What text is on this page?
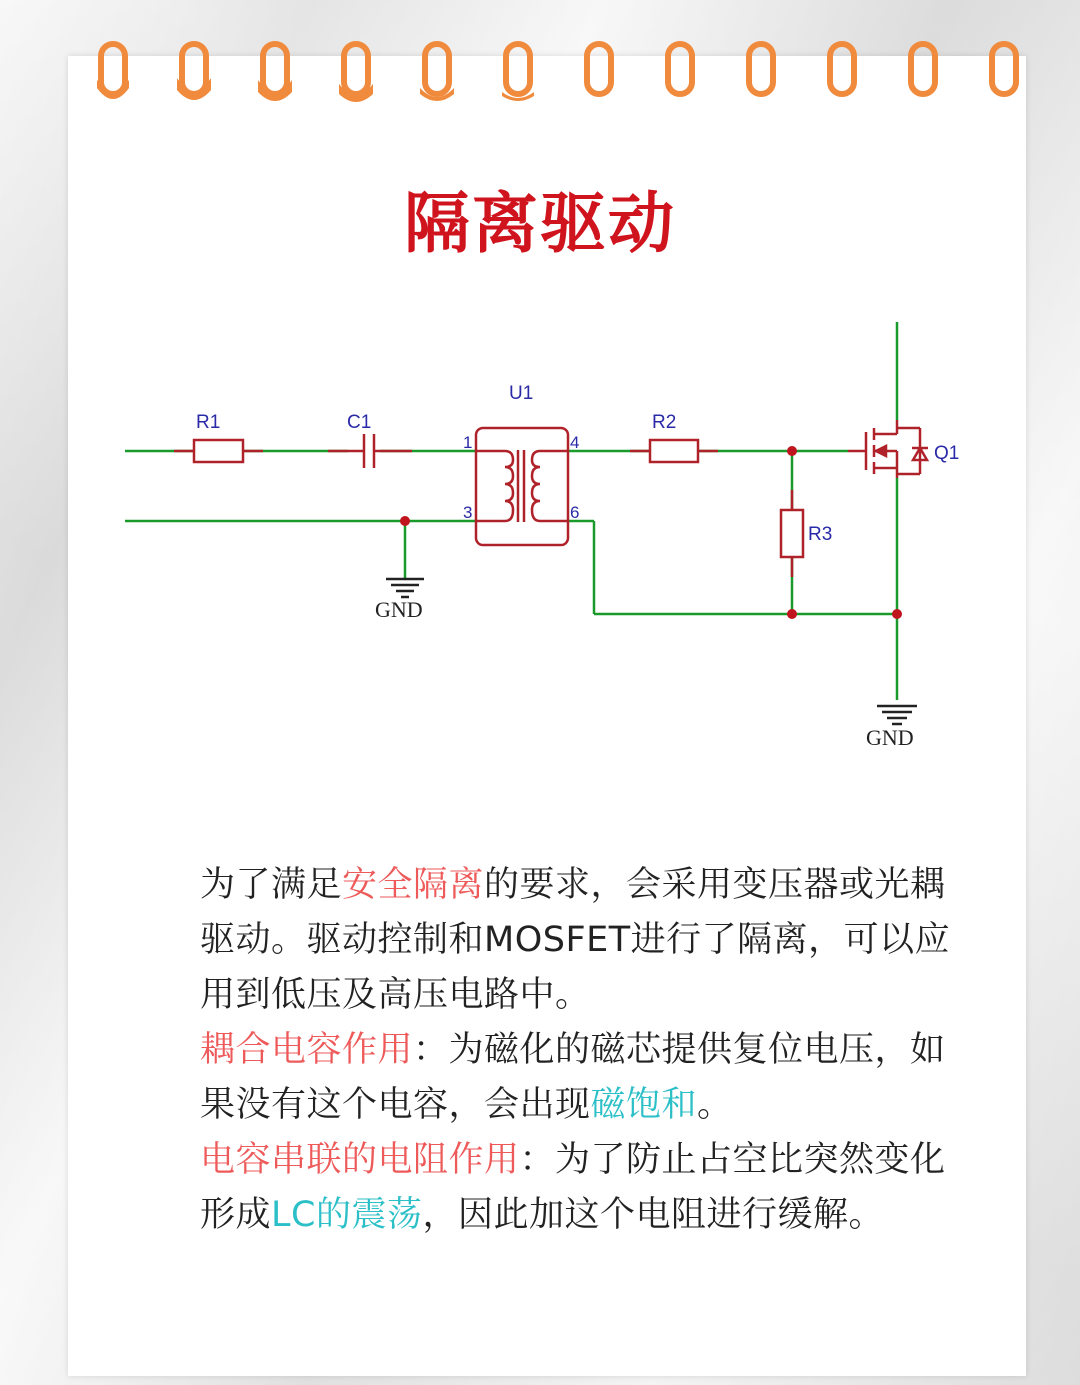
隔离驱动
R1	C1
U1
1
3
4
6
R2
R3
Q1
GND
GND

为了满足安全隔离的要求，会采用变压器或光耦驱动。驱动控制和MOSFET进行了隔离，可以应用到低压及高压电路中。

耦合电容作用：为磁化的磁芯提供复位电压，如果没有这个电容，会出现磁饱和。

电容串联的电阻作用：为了防止占空比突然变化形成LC的震荡，因此加这个电阻进行缓解。
